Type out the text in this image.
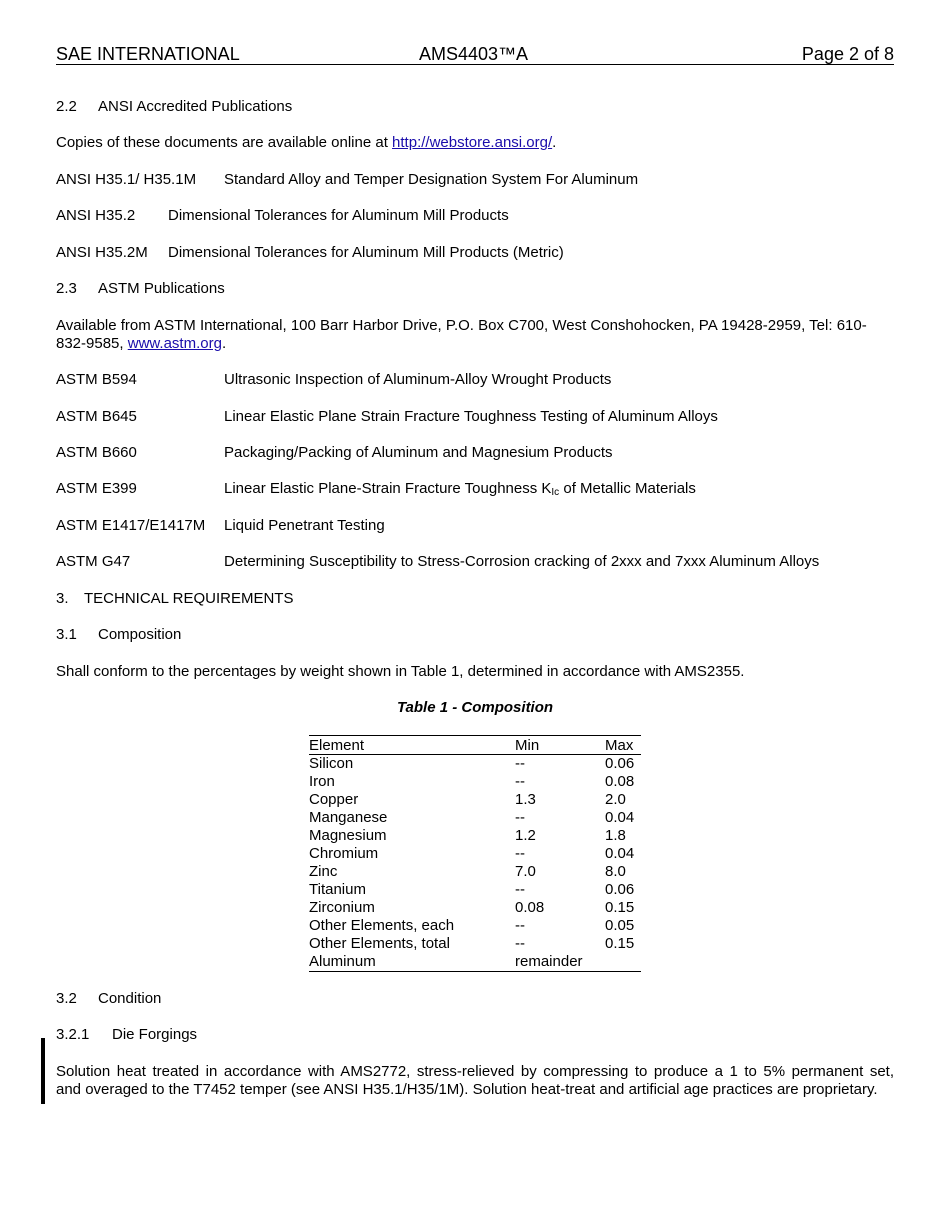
SAE INTERNATIONAL	AMS4403™A	Page 2 of 8
2.2 ANSI Accredited Publications
Copies of these documents are available online at http://webstore.ansi.org/.
ANSI H35.1/ H35.1M Standard Alloy and Temper Designation System For Aluminum
ANSI H35.2 Dimensional Tolerances for Aluminum Mill Products
ANSI H35.2M Dimensional Tolerances for Aluminum Mill Products (Metric)
2.3 ASTM Publications
Available from ASTM International, 100 Barr Harbor Drive, P.O. Box C700, West Conshohocken, PA 19428-2959, Tel: 610-
832-9585, www.astm.org.
ASTM B594	Ultrasonic Inspection of Aluminum-Alloy Wrought Products
ASTM B645	Linear Elastic Plane Strain Fracture Toughness Testing of Aluminum Alloys
ASTM B660	Packaging/Packing of Aluminum and Magnesium Products
ASTM E399	Linear Elastic Plane-Strain Fracture Toughness $K_{Ic}$ of Metallic Materials
ASTM E1417/E1417M Liquid Penetrant Testing
ASTM G47	Determining Susceptibility to Stress-Corrosion cracking of 2xxx and 7xxx Aluminum Alloys
3. TECHNICAL REQUIREMENTS
3.1 Composition
Shall conform to the percentages by weight shown in Table 1, determined in accordance with AMS2355.
Table 1 - Composition
Element	Min	Max
Silicon	--	0.06
Iron	--	0.08
Copper	1.3	2.0
Manganese	--	0.04
Magnesium	1.2	1.8
Chromium	--	0.04
Zinc	7.0	8.0
Titanium	--	0.06
Zirconium	0.08	0.15
Other Elements, each	--	0.05
Other Elements, total	--	0.15
Aluminum	remainder	
3.2 Condition
3.2.1 Die Forgings
Solution heat treated in accordance with AMS2772, stress-relieved by compressing to produce a 1 to 5% permanent set,
and overaged to the T7452 temper (see ANSI H35.1/H35/1M). Solution heat-treat and artificial age practices are proprietary.
